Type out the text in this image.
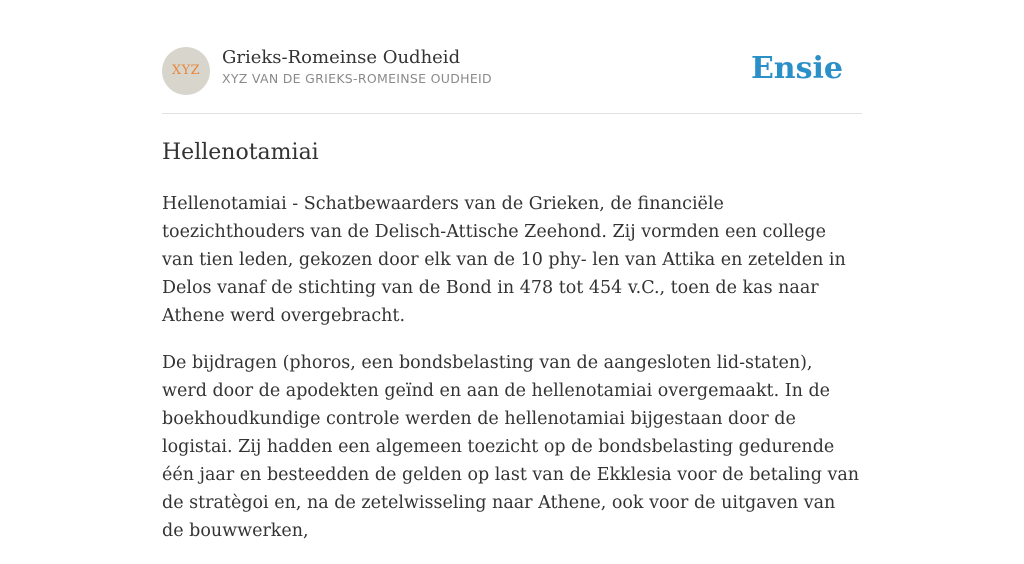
XYZ
Grieks-Romeinse Oudheid
XYZ VAN DE GRIEKS-ROMEINSE OUDHEID	Ensie
Hellenotamiai

Hellenotamiai - Schatbewaarders van de Grieken, de financiële toezichthouders van de Delisch-Attische Zeehond. Zij vormden een college van tien leden, gekozen door elk van de 10 phy- len van Attika en zetelden in Delos vanaf de stichting van de Bond in 478 tot 454 v.C., toen de kas naar Athene werd overgebracht.

De bijdragen (phoros, een bondsbelasting van de aangesloten lid-staten), werd door de apodekten geïnd en aan de hellenotamiai overgemaakt. In de boekhoudkundige controle werden de hellenotamiai bijgestaan door de logistai. Zij hadden een algemeen toezicht op de bondsbelasting gedurende één jaar en besteedden de gelden op last van de Ekklesia voor de betaling van de stratègoi en, na de zetelwisseling naar Athene, ook voor de uitgaven van de bouwwerken,
